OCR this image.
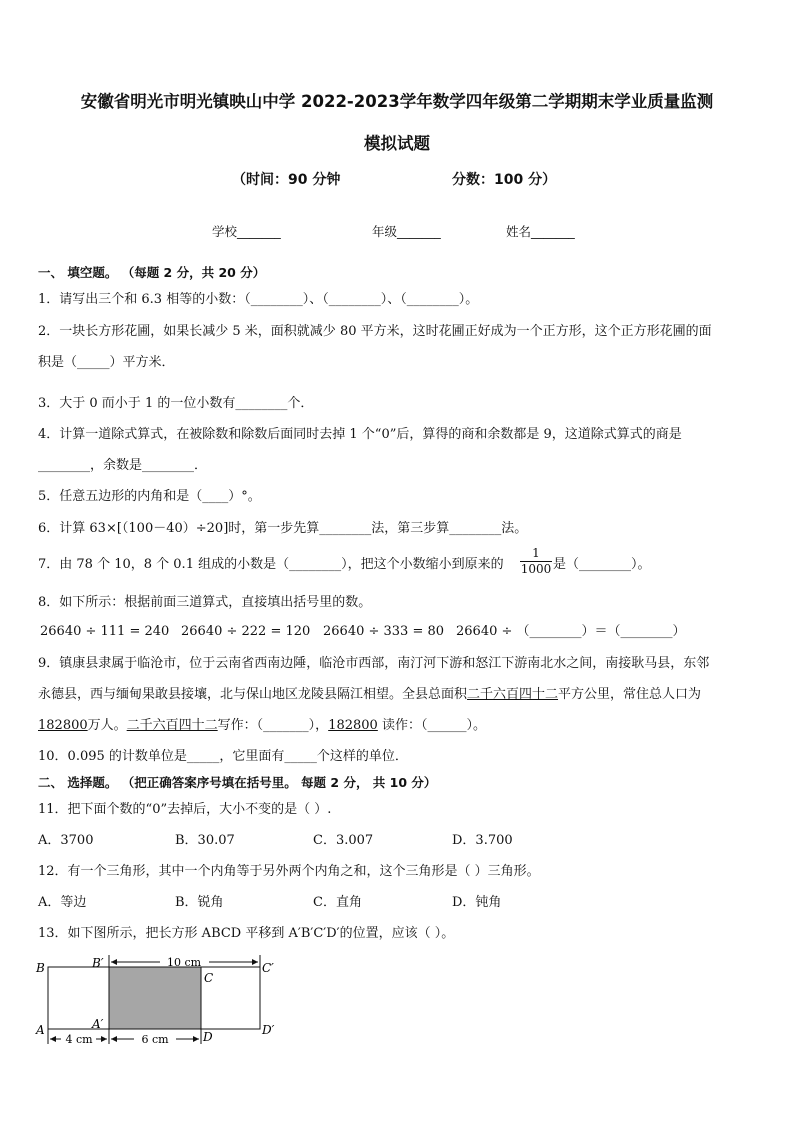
安徽省明光市明光镇映山中学 2022-2023学年数学四年级第二学期期末学业质量监测
模拟试题
（时间：90 分钟	分数：100 分）
学校_______	年级_______	姓名_______
一、 填空题。 （每题 2 分，共 20 分）
1．请写出三个和 6.3 相等的小数：（________）、（________）、（________）。
2．一块长方形花圃，如果长减少 5 米，面积就减少 80 平方米，这时花圃正好成为一个正方形，这个正方形花圃的面
积是（_____）平方米．
3．大于 0 而小于 1 的一位小数有________个．
4．计算一道除式算式，在被除数和除数后面同时去掉 1 个“0”后，算得的商和余数都是 9，这道除式算式的商是
________，余数是________．
5．任意五边形的内角和是（____）°。
6．计算 63×[（100－40）÷20]时，第一步先算________法，第三步算________法。
7．由 78 个 10，8 个 0.1 组成的小数是（________），把这个小数缩小到原来的
1
1000 是（________）。
8．如下所示：根据前面三道算式，直接填出括号里的数。
26640 ÷ 111 = 240 26640 ÷ 222 = 120 26640 ÷ 333 = 80 26640 ÷ （________）＝（________）
9．镇康县隶属于临沧市，位于云南省西南边陲，临沧市西部，南汀河下游和怒江下游南北水之间，南接耿马县，东邻
永德县，西与缅甸果敢县接壤，北与保山地区龙陵县隔江相望。全县总面积二千六百四十二平方公里，常住总人口为
182800万人。二千六百四十二写作：（_______），182800 读作：（______）。
10．0.095 的计数单位是_____，它里面有_____个这样的单位．
二、 选择题。 （把正确答案序号填在括号里。 每题 2 分， 共 10 分）
11．把下面个数的“0”去掉后，大小不变的是（ ）.
A．3700	B．30.07	C．3.007	D．3.700
12．有一个三角形，其中一个内角等于另外两个内角之和，这个三角形是（ ）三角形。
A．等边	B．锐角	C．直角	D．钝角
13．如下图所示，把长方形 ABCD 平移到 A′B′C′D′的位置，应该（ ）。
10 cm
4 cm	6 cm
B	B′
C
C′
A	A′
D	D′
